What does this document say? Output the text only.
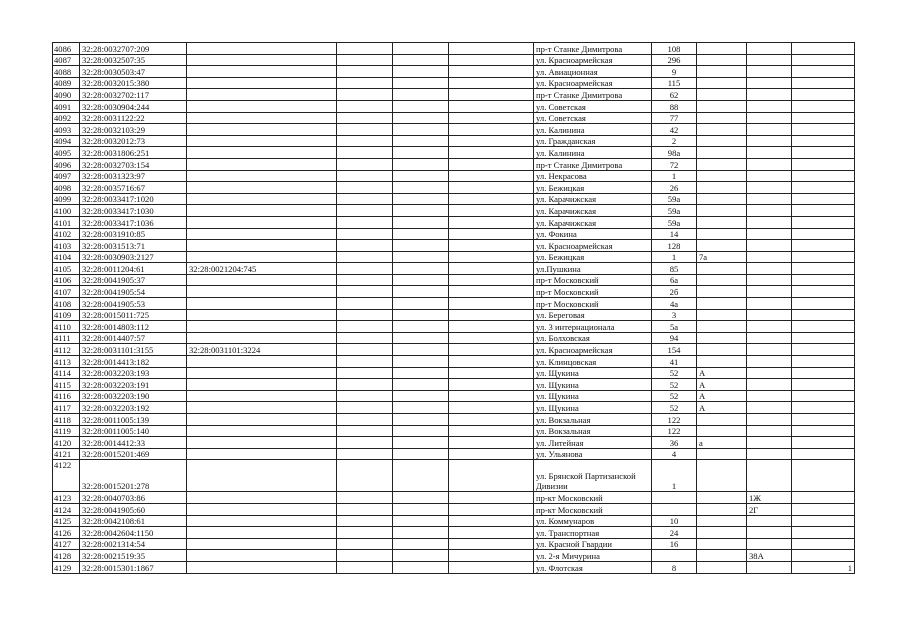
4086	32:28:0032707:209						пр-т Станке Димитрова	108			
4087	32:28:0032507:35						ул. Красноармейская	296			
4088	32:28:0030503:47						ул. Авиационная	9			
4089	32:28:0032015:380						ул. Красноармейская	115			
4090	32:28:0032702:117						пр-т Станке Димитрова	62			
4091	32:28:0030904:244						ул. Советская	88			
4092	32:28:0031122:22						ул. Советская	77			
4093	32:28:0032103:29						ул. Калинина	42			
4094	32:28:0032012:73						ул. Гражданская	2			
4095	32:28:0031806:251						ул. Калинина	98а			
4096	32:28:0032703:154						пр-т Станке Димитрова	72			
4097	32:28:0031323:97						ул. Некрасова	1			
4098	32:28:0035716:67						ул. Бежицкая	26			
4099	32:28:0033417:1020						ул. Карачижская	59а			
4100	32:28:0033417:1030						ул. Карачижская	59а			
4101	32:28:0033417:1036						ул. Карачижская	59а			
4102	32:28:0031910:85						ул. Фокина	14			
4103	32:28:0031513:71						ул. Красноармейская	128			
4104	32:28:0030903:2127						ул. Бежицкая	1	7а		
4105	32:28:0011204:61	32:28:0021204:745					ул.Пушкина	85			
4106	32:28:0041905:37						пр-т Московский	6а			
4107	32:28:0041905:54						пр-т Московский	2б			
4108	32:28:0041905:53						пр-т Московский	4а			
4109	32:28:0015011:725						ул. Береговая	3			
4110	32:28:0014803:112						ул. 3 интернационала	5а			
4111	32:28:0014407:57						ул. Болховская	94			
4112	32:28:0031101:3155	32:28:0031101:3224					ул. Красноармейская	154			
4113	32:28:0014413:182						ул. Клинцовская	41			
4114	32:28:0032203:193						ул. Щукина	52	А		
4115	32:28:0032203:191						ул. Щукина	52	А		
4116	32:28:0032203:190						ул. Щукина	52	А		
4117	32:28:0032203:192						ул. Щукина	52	А		
4118	32:28:0011005:139						ул. Вокзальная	122			
4119	32:28:0011005:140						ул. Вокзальная	122			
4120	32:28:0014412:33						ул. Литейная	36	а		
4121	32:28:0015201:469						ул. Ульянова	4			
4122	32:28:0015201:278						ул. Брянской Партизанской Дивизии	1			
4123	32:28:0040703:86						пр-кт Московский			1Ж	
4124	32:28:0041905:60						пр-кт Московский			2Г	
4125	32:28:0042108:61						ул. Коммунаров	10			
4126	32:28:0042604:1150						ул. Транспортная	24			
4127	32:28:0021314:54						ул. Красной Гвардии	16			
4128	32:28:0021519:35						ул. 2-я Мичурина			38А	
4129	32:28:0015301:1867						ул. Флотская	8			1
